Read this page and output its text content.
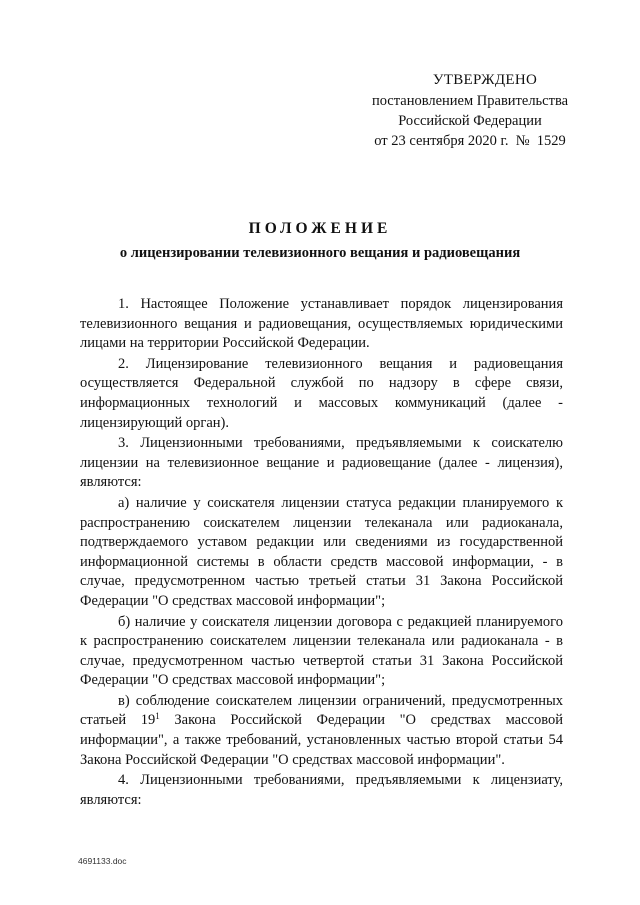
УТВЕРЖДЕНО
постановлением Правительства
Российской Федерации
от 23 сентября 2020 г.  №  1529
ПОЛОЖЕНИЕ
о лицензировании телевизионного вещания и радиовещания

1. Настоящее Положение устанавливает порядок лицензирования телевизионного вещания и радиовещания, осуществляемых юридическими лицами на территории Российской Федерации.

2. Лицензирование телевизионного вещания и радиовещания осуществляется Федеральной службой по надзору в сфере связи, информационных технологий и массовых коммуникаций (далее - лицензирующий орган).

3. Лицензионными требованиями, предъявляемыми к соискателю лицензии на телевизионное вещание и радиовещание (далее - лицензия), являются:

а) наличие у соискателя лицензии статуса редакции планируемого к распространению соискателем лицензии телеканала или радиоканала, подтверждаемого уставом редакции или сведениями из государственной информационной системы в области средств массовой информации, - в случае, предусмотренном частью третьей статьи 31 Закона Российской Федерации "О средствах массовой информации";

б) наличие у соискателя лицензии договора с редакцией планируемого к распространению соискателем лицензии телеканала или радиоканала - в случае, предусмотренном частью четвертой статьи 31 Закона Российской Федерации "О средствах массовой информации";

в) соблюдение соискателем лицензии ограничений, предусмотренных статьей $19^1$ Закона Российской Федерации "О средствах массовой информации", а также требований, установленных частью второй статьи 54 Закона Российской Федерации "О средствах массовой информации".

4. Лицензионными требованиями, предъявляемыми к лицензиату, являются:

4691133.doc
